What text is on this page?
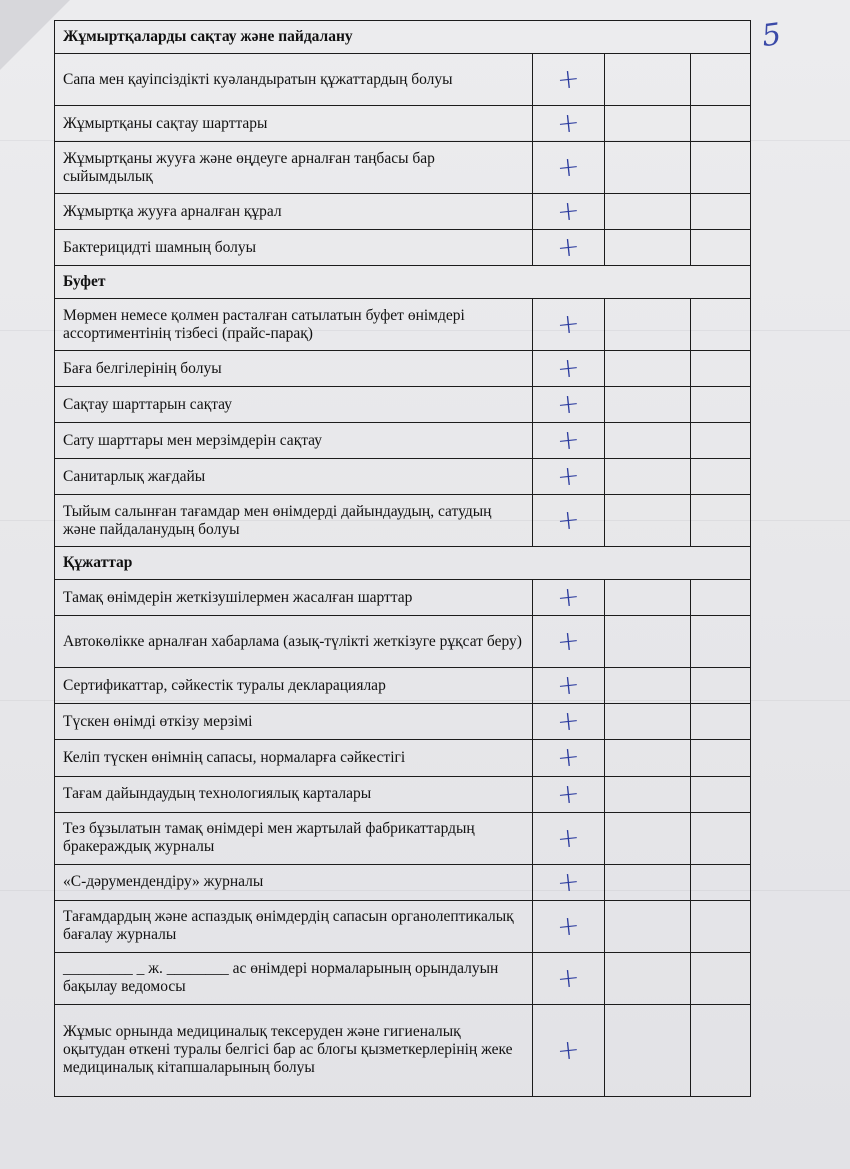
5
Жұмыртқаларды сақтау және пайдалану			
Сапа мен қауіпсіздікті куәландыратын құжаттардың болуы	+		
Жұмыртқаны сақтау шарттары	+		
Жұмыртқаны жууға және өңдеуге арналған таңбасы бар сыйымдылық	+		
Жұмыртқа жууға арналған құрал	+		
Бактерицидті шамның болуы	+		
Буфет			
Мөрмен немесе қолмен расталған сатылатын буфет өнімдері ассортиментінің тізбесі (прайс-парақ)	+		
Баға белгілерінің болуы	+		
Сақтау шарттарын сақтау	+		
Сату шарттары мен мерзімдерін сақтау	+		
Санитарлық жағдайы	+		
Тыйым салынған тағамдар мен өнімдерді дайындаудың, сатудың және пайдаланудың болуы	+		
Құжаттар			
Тамақ өнімдерін жеткізушілермен жасалған шарттар	+		
Автокөлікке арналған хабарлама (азық-түлікті жеткізуге рұқсат беру)	+		
Сертификаттар, сәйкестік туралы декларациялар	+		
Түскен өнімді өткізу мерзімі	+		
Келіп түскен өнімнің сапасы, нормаларға сәйкестігі	+		
Тағам дайындаудың технологиялық карталары	+		
Тез бұзылатын тамақ өнімдері мен жартылай фабрикаттардың бракераждық журналы	+		
«С-дәрумендендіру» журналы	+		
Тағамдардың және аспаздық өнімдердің сапасын органолептикалық бағалау журналы	+		
_________ _ ж. ________ ас өнімдері нормаларының орындалуын бақылау ведомосы	+		
Жұмыс орнында медициналық тексеруден және гигиеналық оқытудан өткені туралы белгісі бар ас блогы қызметкерлерінің жеке медициналық кітапшаларының болуы	+		
